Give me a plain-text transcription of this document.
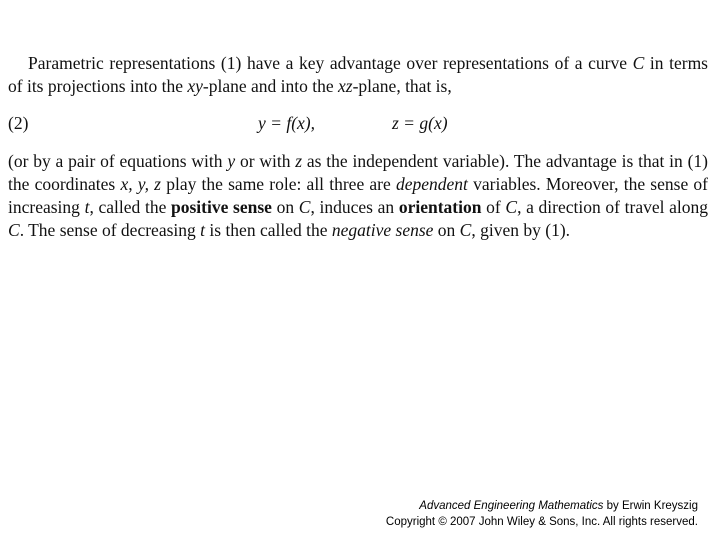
Parametric representations (1) have a key advantage over representations of a curve C in terms of its projections into the xy-plane and into the xz-plane, that is,

(2)	y = f(x),	z = g(x)

(or by a pair of equations with y or with z as the independent variable). The advantage is that in (1) the coordinates x, y, z play the same role: all three are dependent variables. Moreover, the sense of increasing t, called the positive sense on C, induces an orientation of C, a direction of travel along C. The sense of decreasing t is then called the negative sense on C, given by (1).

Advanced Engineering Mathematics by Erwin Kreyszig
Copyright © 2007 John Wiley & Sons, Inc. All rights reserved.
